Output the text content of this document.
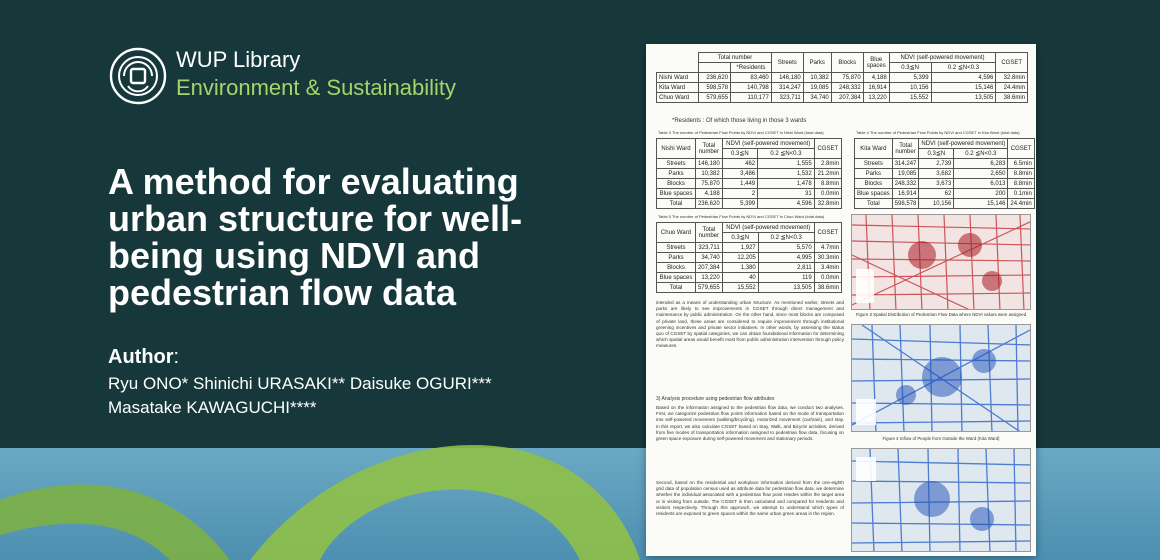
WUP Library
Environment & Sustainability
A method for evaluating urban structure for well-being using NDVI and pedestrian flow data
Author:
Ryu ONO* Shinichi URASAKI** Daisuke OGURI***
Masatake KAWAGUCHI****
	Total number		Streets	Parks	Blocks	Blue spaces	NDVI (self-powered movement)		CGSET
		*Residents					0.3≦N	0.2 ≦N<0.3	
Nishi Ward	236,620	83,460	146,180	10,382	75,870	4,188	5,399	4,596	32.8min
Kita Ward	598,578	140,798	314,247	19,085	248,332	16,914	10,156	15,146	24.4min
Chuo Ward	579,655	110,177	323,711	34,740	207,384	13,220	15,552	13,505	38.6min
*Residents : Of which those living in those 3 wards
Table 3 The number of Pedestrian Flow Points by NDVI and CGSET in Nishi Ward (total data)	Table 4 The number of Pedestrian Flow Points by NDVI and CGSET in Kita Ward (total data)
Nishi Ward	Total number	NDVI (self-powered movement)		CGSET
		0.3≦N	0.2 ≦N<0.3	
Streets	146,180	462	1,555	2.8min
Parks	10,382	3,486	1,532	21.2min
Blocks	75,870	1,449	1,478	8.8min
Blue spaces	4,188	2	31	0.0min
Total	236,620	5,399	4,596	32.8min
Kita Ward	Total number	NDVI (self-powered movement)		CGSET
		0.3≦N	0.2 ≦N<0.3	
Streets	314,247	2,739	6,283	6.5min
Parks	19,085	3,682	2,650	8.8min
Blocks	248,332	3,673	6,013	8.8min
Blue spaces	16,914	62	200	0.1min
Total	598,578	10,156	15,146	24.4min
Table 5 The number of Pedestrian Flow Points by NDVI and CGSET in Chuo Ward (total data)
Chuo Ward	Total number	NDVI (self-powered movement)		CGSET
		0.3≦N	0.2 ≦N<0.3	
Streets	323,711	1,927	5,570	4.7min
Parks	34,740	12,205	4,995	30.3min
Blocks	207,384	1,380	2,811	3.4min
Blue spaces	13,220	40	119	0.0min
Total	579,655	15,552	13,505	38.6min
Figure 3 Spatial Distribution of Pedestrian Flow Data where NDVI values were assigned
Figure 4 Inflow of People from Outside the Ward (Kita Ward)
intended as a means of understanding urban structure. As mentioned earlier, streets and parks are likely to see improvements in CGSET through direct management and maintenance by public administration. On the other hand, since most blocks are composed of private land, these areas are considered to require improvement through institutional greening incentives and private sector initiatives. In other words, by assessing the status quo of CGSET by spatial categories, we can obtain foundational information for determining which spatial areas would benefit most from public administration intervention through policy measures.
3) Analysis procedure using pedestrian flow attributes
Based on the information assigned to the pedestrian flow data, we conduct two analyses. First, we categorize pedestrian flow points information based on the mode of transportation into self-powered movement (walking/bicycling), motorized movement (car/train), and stay. In this report, we also calculate CGSET based on Stay, Walk, and Bicycle activities, derived from five modes of transportation information assigned to pedestrian flow data, focusing on green space exposure during self-powered movement and stationary periods.
Second, based on the residential and workplace information derived from the one-eighth grid data of population census used as attribute data for pedestrian flow data, we determine whether the individual associated with a pedestrian flow point resides within the target area or is visiting from outside. The CGSET is then calculated and compared for residents and visitors respectively. Through this approach, we attempt to understand which types of residents are exposed to green spaces within the same urban green areas in the region.
